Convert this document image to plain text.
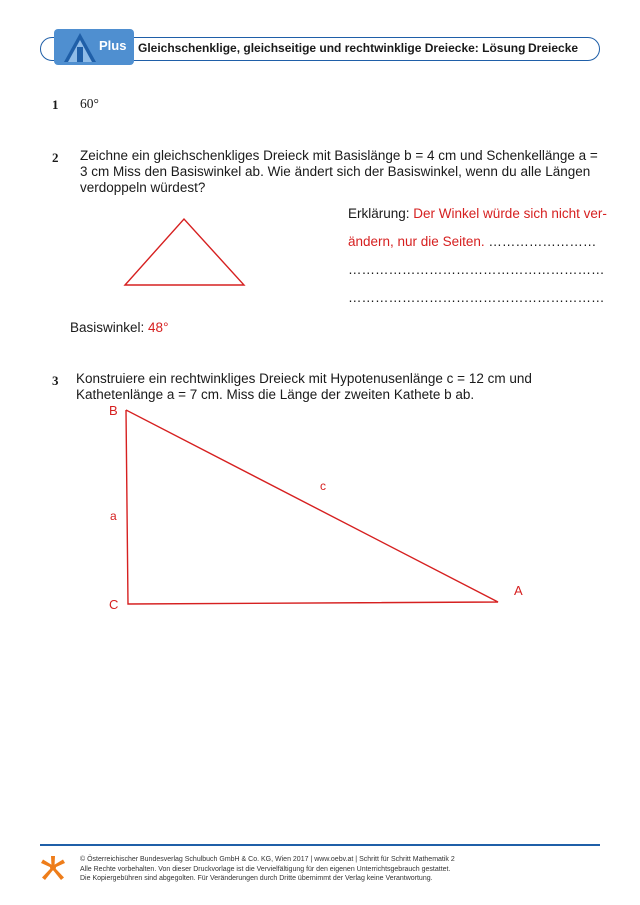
Plus Gleichschenklige, gleichseitige und rechtwinklige Dreiecke: Lösung Dreiecke
1 60°
2 Zeichne ein gleichschenkliges Dreieck mit Basislänge b = 4 cm und Schenkellänge a = 3 cm Miss den Basiswinkel ab. Wie ändert sich der Basiswinkel, wenn du alle Längen verdoppeln würdest?
Erklärung: Der Winkel würde sich nicht ver-
ändern, nur die Seiten. ……………………
…………………………………………………
…………………………………………………
Basiswinkel: 48°
3 Konstruiere ein rechtwinkliges Dreieck mit Hypotenusenlänge c = 12 cm und Kathetenlänge a = 7 cm. Miss die Länge der zweiten Kathete b ab.
B
C
A
a
c
© Österreichischer Bundesverlag Schulbuch GmbH & Co. KG, Wien 2017 | www.oebv.at | Schritt für Schritt Mathematik 2
Alle Rechte vorbehalten. Von dieser Druckvorlage ist die Vervielfältigung für den eigenen Unterrichtsgebrauch gestattet.
Die Kopiergebühren sind abgegolten. Für Veränderungen durch Dritte übernimmt der Verlag keine Verantwortung.
